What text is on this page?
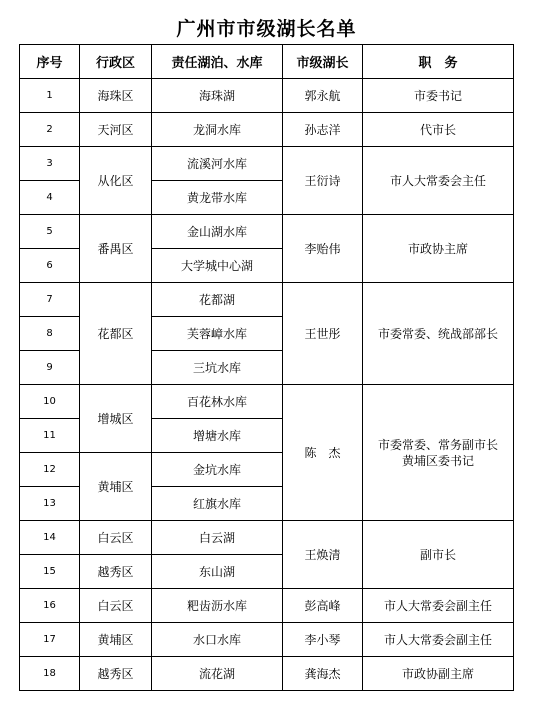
广州市市级湖长名单
序号	行政区	责任湖泊、水库	市级湖长	职　务
1	海珠区	海珠湖	郭永航	市委书记
2	天河区	龙洞水库	孙志洋	代市长
3	从化区	流溪河水库	王衍诗	市人大常委会主任
4		黄龙带水库		
5	番禺区	金山湖水库	李贻伟	市政协主席
6		大学城中心湖		
7	花都区	花都湖	王世彤	市委常委、统战部部长
8		芙蓉嶂水库		
9		三坑水库		
10	增城区	百花林水库	陈　杰	市委常委、常务副市长
黄埔区委书记

11		增塘水库		
12	黄埔区	金坑水库		
13		红旗水库		
14	白云区	白云湖	王焕清	副市长
15	越秀区	东山湖		
16	白云区	粑齿沥水库	彭高峰	市人大常委会副主任
17	黄埔区	水口水库	李小琴	市人大常委会副主任
18	越秀区	流花湖	龚海杰	市政协副主席
